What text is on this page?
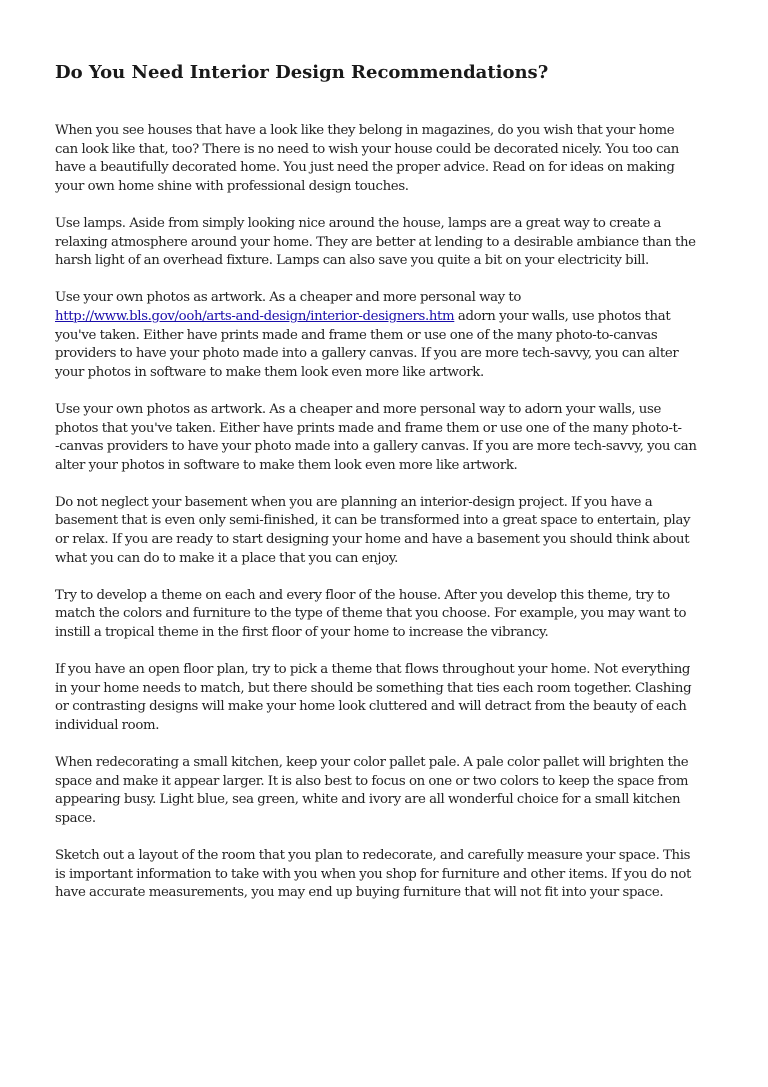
Do You Need Interior Design Recommendations?

When you see houses that have a look like they belong in magazines, do you wish that your home
can look like that, too? There is no need to wish your house could be decorated nicely. You too can
have a beautifully decorated home. You just need the proper advice. Read on for ideas on making
your own home shine with professional design touches.

Use lamps. Aside from simply looking nice around the house, lamps are a great way to create a
relaxing atmosphere around your home. They are better at lending to a desirable ambiance than the
harsh light of an overhead fixture. Lamps can also save you quite a bit on your electricity bill.

Use your own photos as artwork. As a cheaper and more personal way to
http://www.bls.gov/ooh/arts-and-design/interior-designers.htm adorn your walls, use photos that
you've taken. Either have prints made and frame them or use one of the many photo-to-canvas
providers to have your photo made into a gallery canvas. If you are more tech-savvy, you can alter
your photos in software to make them look even more like artwork.

Use your own photos as artwork. As a cheaper and more personal way to adorn your walls, use
photos that you've taken. Either have prints made and frame them or use one of the many photo-t-
-canvas providers to have your photo made into a gallery canvas. If you are more tech-savvy, you can
alter your photos in software to make them look even more like artwork.

Do not neglect your basement when you are planning an interior-design project. If you have a
basement that is even only semi-finished, it can be transformed into a great space to entertain, play
or relax. If you are ready to start designing your home and have a basement you should think about
what you can do to make it a place that you can enjoy.

Try to develop a theme on each and every floor of the house. After you develop this theme, try to
match the colors and furniture to the type of theme that you choose. For example, you may want to
instill a tropical theme in the first floor of your home to increase the vibrancy.

If you have an open floor plan, try to pick a theme that flows throughout your home. Not everything
in your home needs to match, but there should be something that ties each room together. Clashing
or contrasting designs will make your home look cluttered and will detract from the beauty of each
individual room.

When redecorating a small kitchen, keep your color pallet pale. A pale color pallet will brighten the
space and make it appear larger. It is also best to focus on one or two colors to keep the space from
appearing busy. Light blue, sea green, white and ivory are all wonderful choice for a small kitchen
space.

Sketch out a layout of the room that you plan to redecorate, and carefully measure your space. This
is important information to take with you when you shop for furniture and other items. If you do not
have accurate measurements, you may end up buying furniture that will not fit into your space.
